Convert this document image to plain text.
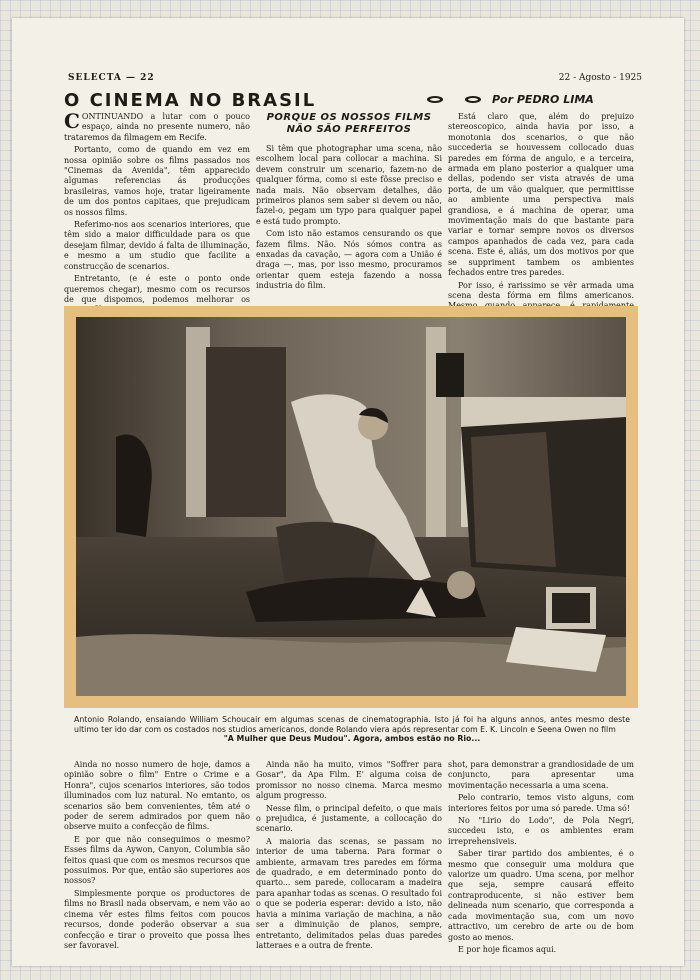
SELECTA — 22	22 - Agosto - 1925
O CINEMA NO BRASIL	Por PEDRO LIMA

CONTINUANDO a lutar com o pouco espaço, ainda no presente numero, não trataremos da filmagem em Recife.

Portanto, como de quando em vez em nossa opinião sobre os films passados nos "Cinemas da Avenida", têm apparecido algumas referencias ás producções brasileiras, vamos hoje, tratar ligeiramente de um dos pontos capitaes, que prejudicam os nossos films.

Referimo-nos aos scenarios interiores, que têm sido a maior difficuldade para os que desejam filmar, devido á falta de illuminação, e mesmo a um studio que facilite a construcção de scenarios.

Entretanto, (e é este o ponto onde queremos chegar), mesmo com os recursos de que dispomos, podemos melhorar os

PORQUE OS NOSSOS FILMS NÃO SÃO PERFEITOS

Si têm que photographar uma scena, não escolhem local para collocar a machina. Si devem construir um scenario, fazem-no de qualquer fórma, como si este fôsse preciso e nada mais. Não observam detalhes, dão primeiros planos sem saber si devem ou não, fazel-o, pegam um typo para qualquer papel e está tudo prompto.

Com isto não estamos censurando os que fazem films. Não. Nós sómos contra as enxadas da cavação, — agora com a União é draga —, mas, por isso mesmo, procuramos orientar quem esteja fazendo a nossa industria do film.

Está claro que, além do prejuizo stereoscopico, ainda havia por isso, a monotonia dos scenarios, o que não succederia se houvessem collocado duas paredes em fórma de angulo, e a terceira, armada em plano posterior a qualquer uma dellas, podendo ser vista através de uma porta, de um vão qualquer, que permittisse ao ambiente uma perspectiva mais grandiosa, e á machina de operar, uma movimentação mais do que bastante para variar e tornar sempre novos os diversos campos apanhados de cada vez, para cada scena. Este é, aliás, um dos motivos por que se suppriment tambem os ambientes fechados entre tres paredes.

Por isso, é rarissimo se vêr armada uma scena desta fórma em films americanos.

Antonio Rolando, ensaiando William Schoucair em algumas scenas de cinematographia. Isto já foi ha alguns annos, antes mesmo deste ultimo ter ido dar com os costados nos studios americanos, donde Rolando viera após representar com E. K. Lincoln e Seena Owen no film
"A Mulher que Deus Mudou". Agora, ambos estão no Rio...

Ainda no nosso numero de hoje, damos a opinião sobre o film" Entre o Crime e a Honra", cujos scenarios interiores, são todos illuminados com luz natural. No emtanto, os scenarios são bem convenientes, têm até o poder de serem admirados por quem não observe muito a confecção de films.

E por que não conseguimos o mesmo? Esses films da Aywon, Canyon, Columbia são feitos quasi que com os mesmos recursos que possuimos. Por que, então são superiores aos nossos?

Simplesmente porque os productores de films no Brasil nada observam, e nem vão ao cinema vêr estes films feitos com poucos recursos, donde poderão observar a sua confecção e tirar o proveito que possa lhes ser favoravel.

Ainda não ha muito, vimos "Soffrer para Gosar", da Apa Film. E' alguma coisa de promissor no nosso cinema. Marca mesmo algum progresso.

Nesse film, o principal defeito, o que mais o prejudica, é justamente, a collocação do scenario.

A maioria das scenas, se passam no interior de uma taberna. Para formar o ambiente, armavam tres paredes em fórma de quadrado, e em determinado ponto do quarto... sem parede, collocaram a madeira para apanhar todas as scenas. O resultado foi o que se poderia esperar: devido a isto, não havia a minima variação de machina, a não ser a diminuição de planos, sempre, entretanto, delimitados pelas duas paredes latteraes e a outra de frente.

shot, para demonstrar a grandiosidade de um conjuncto, para apresentar uma movimentação necessaria a uma scena.

Pelo contrario, temos visto alguns, com interiores feitos por uma só parede. Uma só!

No "Lirio do Lodo", de Pola Negri, succedeu isto, e os ambientes eram irreprehensiveis.

Saber tirar partido dos ambientes, é o mesmo que conseguir uma moldura que valorize um quadro. Uma scena, por melhor que seja, sempre causará effeito contraproducente, si não estiver bem delineada num scenario, que corresponda a cada movimentação sua, com um novo attractivo, um cerebro de arte ou de bom gosto ao menos.

E por hoje ficamos aqui.
